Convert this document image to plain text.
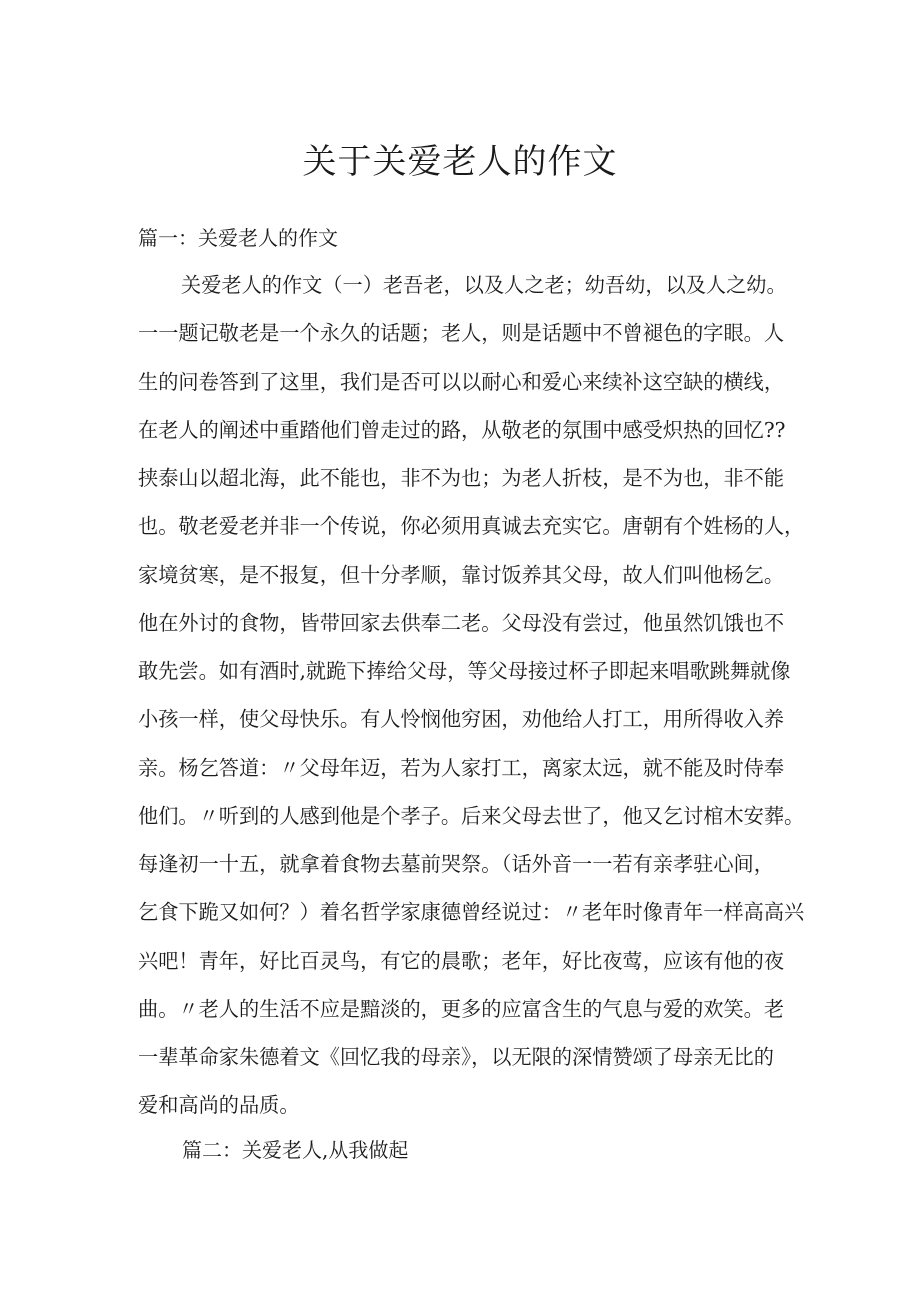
关于关爱老人的作文
篇一：关爱老人的作文
关爱老人的作文（一）老吾老，以及人之老；幼吾幼，以及人之幼。
一一题记敬老是一个永久的话题；老人，则是话题中不曾褪色的字眼。人
生的问卷答到了这里，我们是否可以以耐心和爱心来续补这空缺的横线，
在老人的阐述中重踏他们曾走过的路，从敬老的氛围中感受炽热的回忆??
挟泰山以超北海，此不能也，非不为也；为老人折枝，是不为也，非不能
也。敬老爱老并非一个传说，你必须用真诚去充实它。唐朝有个姓杨的人，
家境贫寒，是不报复，但十分孝顺，靠讨饭养其父母，故人们叫他杨乞。
他在外讨的食物，皆带回家去供奉二老。父母没有尝过，他虽然饥饿也不
敢先尝。如有酒时,就跪下捧给父母，等父母接过杯子即起来唱歌跳舞就像
小孩一样，使父母快乐。有人怜悯他穷困，劝他给人打工，用所得收入养
亲。杨乞答道：〃父母年迈，若为人家打工，离家太远，就不能及时侍奉
他们。〃听到的人感到他是个孝子。后来父母去世了，他又乞讨棺木安葬。
每逢初一十五，就拿着食物去墓前哭祭。（话外音一一若有亲孝驻心间，
乞食下跪又如何？）着名哲学家康德曾经说过：〃老年时像青年一样高高兴
兴吧！青年，好比百灵鸟，有它的晨歌；老年，好比夜莺，应该有他的夜
曲。〃老人的生活不应是黯淡的，更多的应富含生的气息与爱的欢笑。老
一辈革命家朱德着文《回忆我的母亲》，以无限的深情赞颂了母亲无比的
爱和高尚的品质。
篇二：关爱老人,从我做起
